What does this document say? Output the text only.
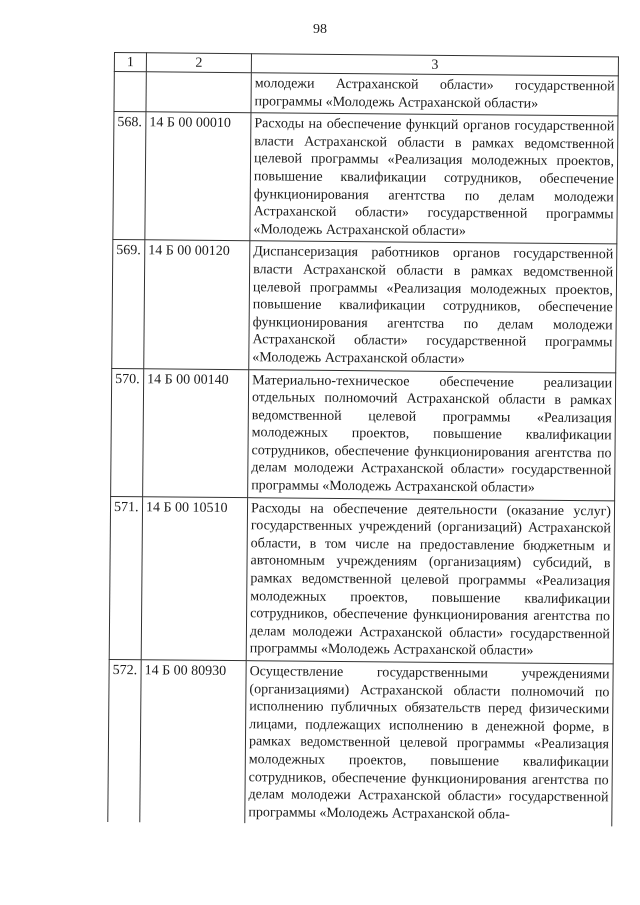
98
1	2	3
		молодежи Астраханской области» государственной программы «Молодежь Астраханской области»
568.	14 Б 00 00010	Расходы на обеспечение функций органов государственной власти Астраханской области в рамках ведомственной целевой программы «Реализация молодежных проектов, повышение квалификации сотрудников, обеспечение функционирования агентства по делам молодежи Астраханской области» государственной программы «Молодежь Астраханской области»
569.	14 Б 00 00120	Диспансеризация работников органов государственной власти Астраханской области в рамках ведомственной целевой программы «Реализация молодежных проектов, повышение квалификации сотрудников, обеспечение функционирования агентства по делам молодежи Астраханской области» государственной программы «Молодежь Астраханской области»
570.	14 Б 00 00140	Материально-техническое обеспечение реализации отдельных полномочий Астраханской области в рамках ведомственной целевой программы «Реализация молодежных проектов, повышение квалификации сотрудников, обеспечение функционирования агентства по делам молодежи Астраханской области» государственной программы «Молодежь Астраханской области»
571.	14 Б 00 10510	Расходы на обеспечение деятельности (оказание услуг) государственных учреждений (организаций) Астраханской области, в том числе на предоставление бюджетным и автономным учреждениям (организациям) субсидий, в рамках ведомственной целевой программы «Реализация молодежных проектов, повышение квалификации сотрудников, обеспечение функционирования агентства по делам молодежи Астраханской области» государственной программы «Молодежь Астраханской области»
572.	14 Б 00 80930	Осуществление государственными учреждениями (организациями) Астраханской области полномочий по исполнению публичных обязательств перед физическими лицами, подлежащих исполнению в денежной форме, в рамках ведомственной целевой программы «Реализация молодежных проектов, повышение квалификации сотрудников, обеспечение функционирования агентства по делам молодежи Астраханской области» государственной программы «Молодежь Астраханской обла-
